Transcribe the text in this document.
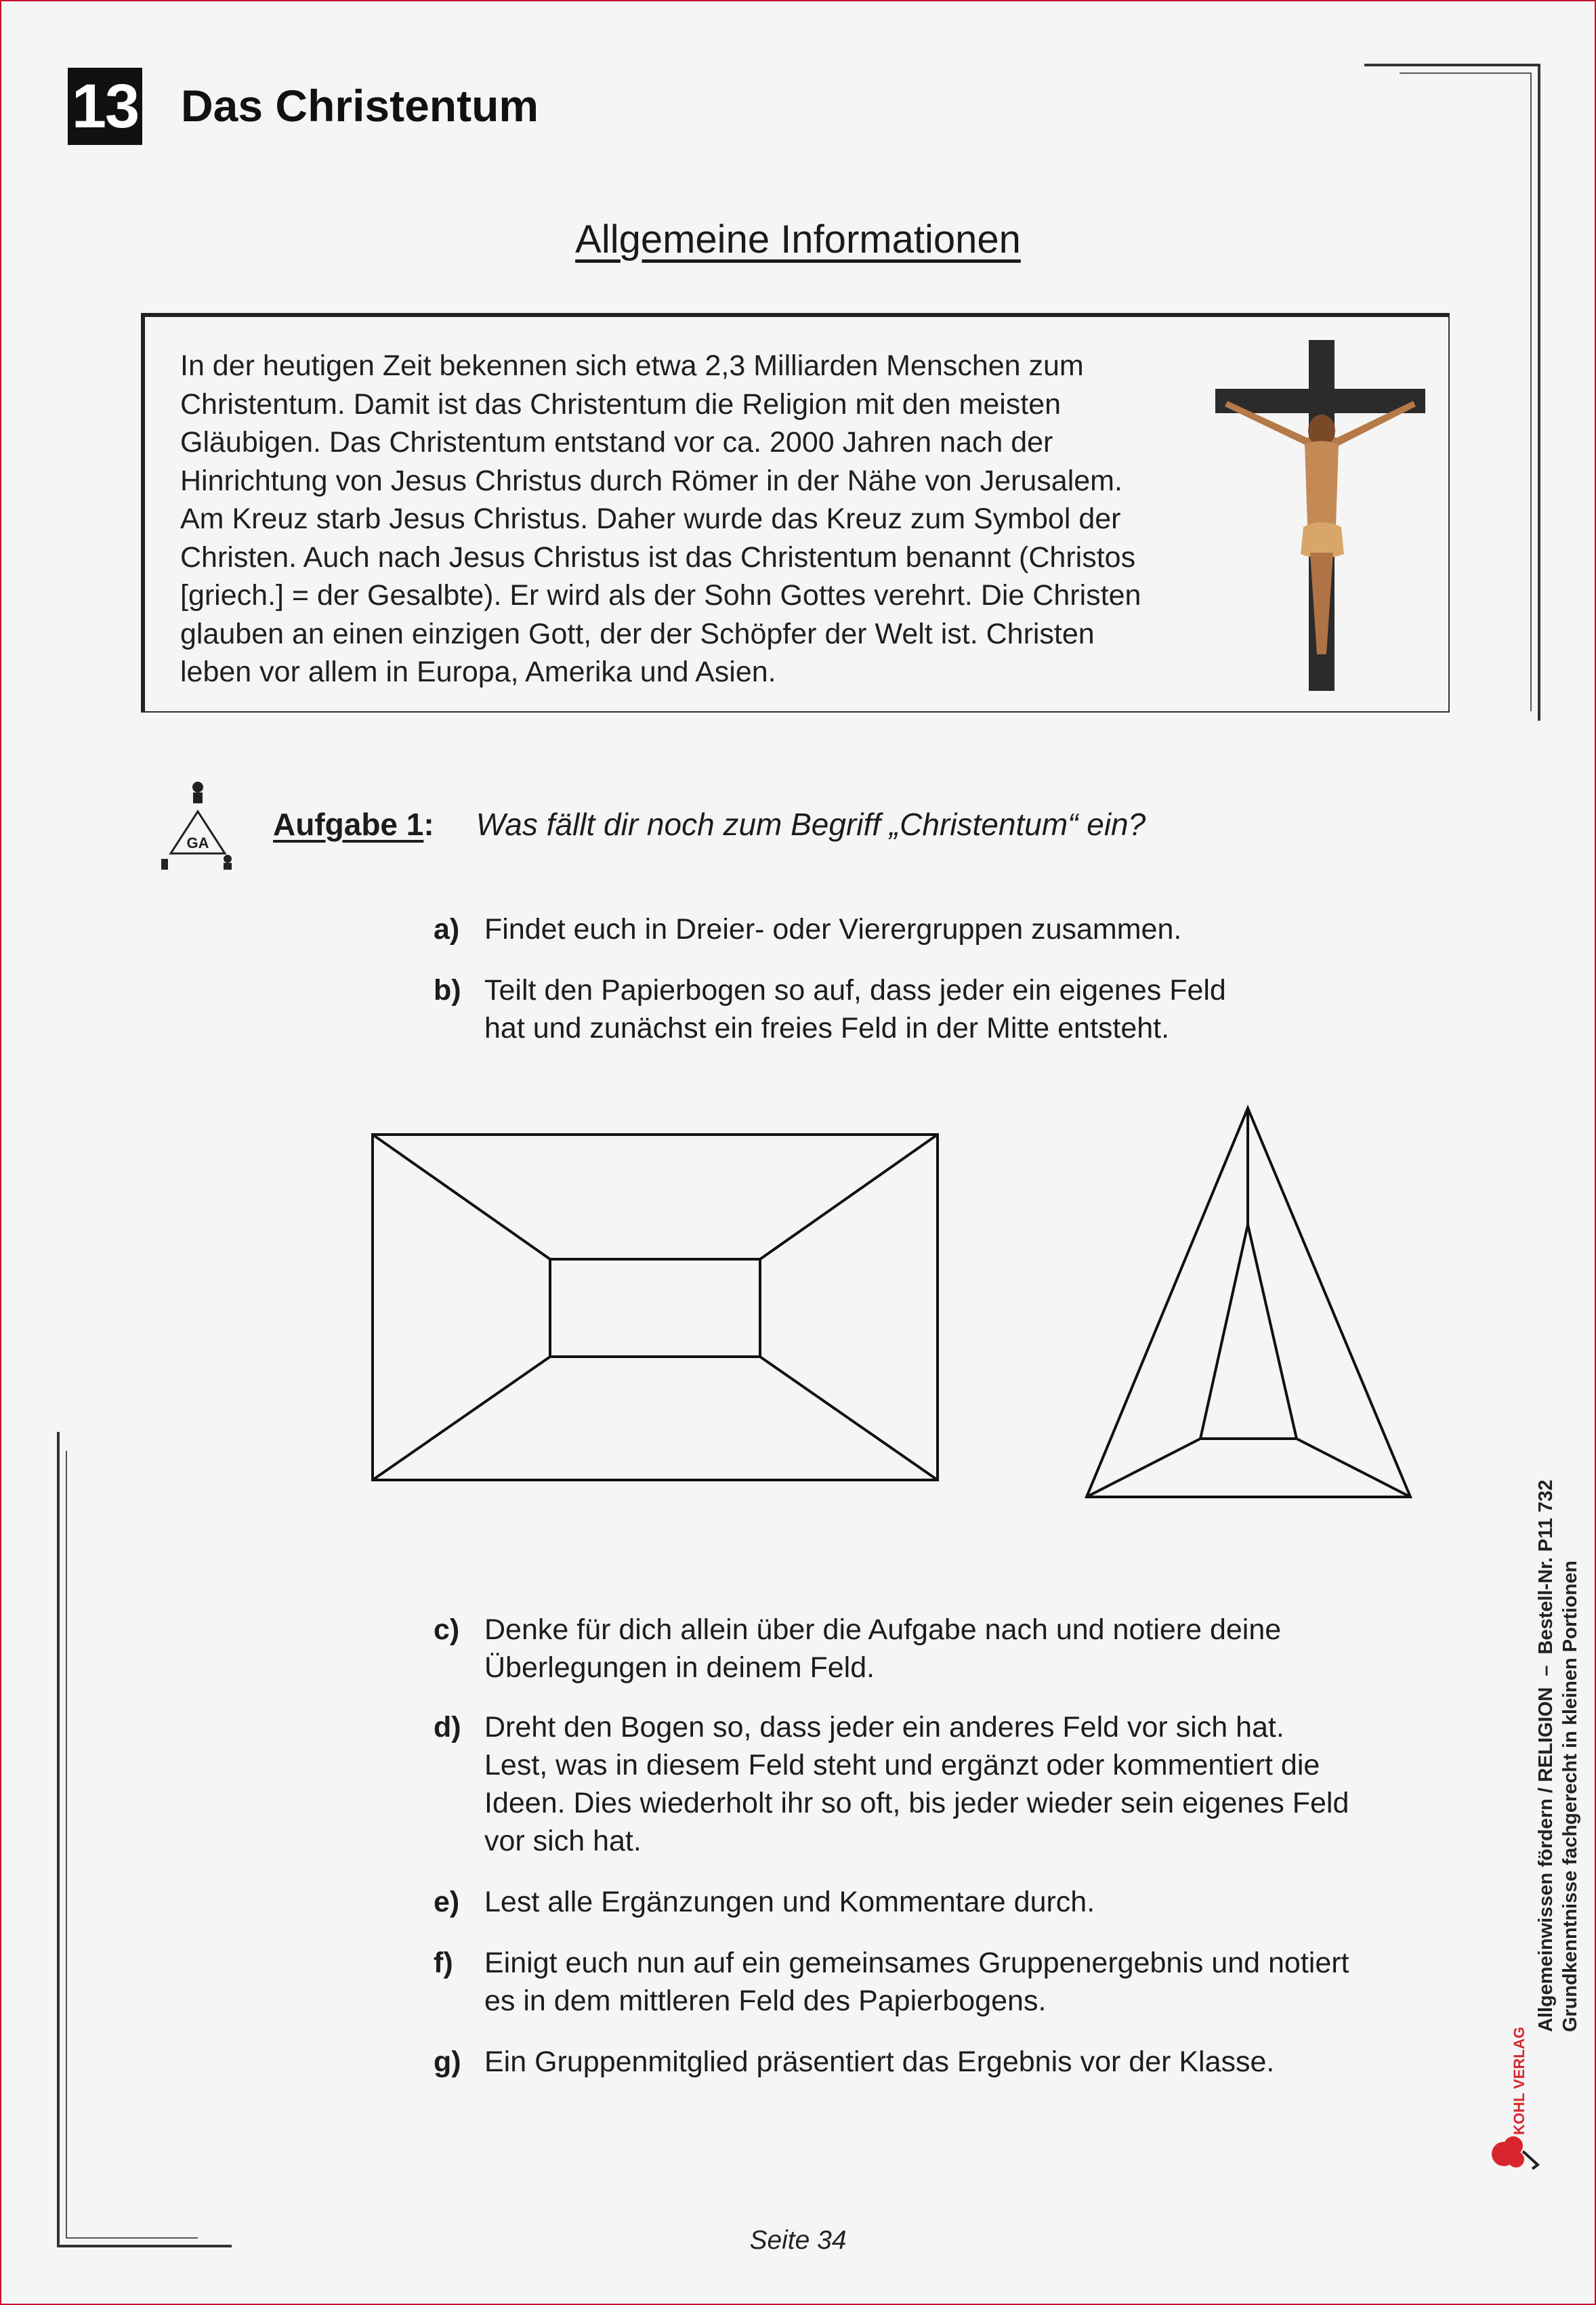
13 Das Christentum
Allgemeine Informationen

In der heutigen Zeit bekennen sich etwa 2,3 Milliarden Menschen zum
Christentum. Damit ist das Christentum die Religion mit den meisten
Gläubigen. Das Christentum entstand vor ca. 2000 Jahren nach der
Hinrichtung von Jesus Christus durch Römer in der Nähe von Jerusalem.
Am Kreuz starb Jesus Christus. Daher wurde das Kreuz zum Symbol der
Christen. Auch nach Jesus Christus ist das Christentum benannt (Christos
[griech.] = der Gesalbte). Er wird als der Sohn Gottes verehrt. Die Christen
glauben an einen einzigen Gott, der der Schöpfer der Welt ist. Christen
leben vor allem in Europa, Amerika und Asien.

GA
Aufgabe 1: Was fällt dir noch zum Begriff „Christentum“ ein?

a) Findet euch in Dreier- oder Vierergruppen zusammen.

b) Teilt den Papierbogen so auf, dass jeder ein eigenes Feld
hat und zunächst ein freies Feld in der Mitte entsteht.

c) Denke für dich allein über die Aufgabe nach und notiere deine
Überlegungen in deinem Feld.

d) Dreht den Bogen so, dass jeder ein anderes Feld vor sich hat.
Lest, was in diesem Feld steht und ergänzt oder kommentiert die
Ideen. Dies wiederholt ihr so oft, bis jeder wieder sein eigenes Feld
vor sich hat.

e) Lest alle Ergänzungen und Kommentare durch.

f) Einigt euch nun auf ein gemeinsames Gruppenergebnis und notiert
es in dem mittleren Feld des Papierbogens.

g) Ein Gruppenmitglied präsentiert das Ergebnis vor der Klasse.

Allgemeinwissen fördern / RELIGION  –  Bestell-Nr. P11 732 Grundkenntnisse fachgerecht in kleinen Portionen
KOHL VERLAG
Seite 34
